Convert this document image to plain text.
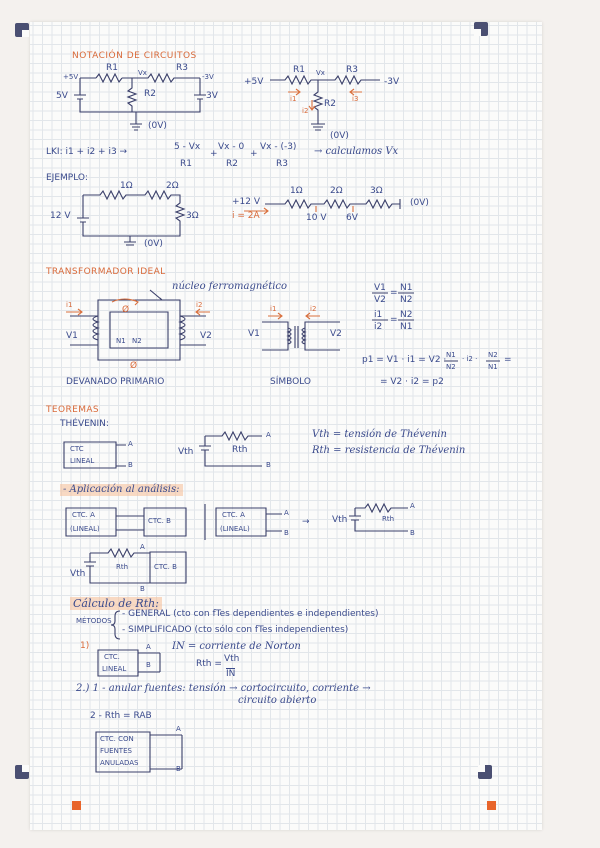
NOTACIÓN DE CIRCUITOS
5V	3V
R1	R3
R2
Vx
+5V	-3V
(0V)
+5V	-3V
R1	R3
Vx
R2
i1	i3
i2
(0V)
LKI: i1 + i2 + i3 →	5 - Vx
R1
+
Vx - 0
R2
+
Vx - (-3)
R3
→ calculamos Vx
EJEMPLO:
1Ω	2Ω
3Ω
12 V
(0V)
+12 V
i = 2A	10 V 6V
(0V)
1Ω	2Ω	3Ω
TRANSFORMADOR IDEAL
núcleo ferromagnético
i1	i2
Ø
Ø
V1	V2
N1 N2
DEVANADO PRIMARIO	SÍMBOLO
V1	V2
i1	i2
V1
V2
= N1
N2
i1
i2
= N2
N1
p1 = V1 · i1 = V2 · N1
N2
· i2 · N2
N1
=
= V2 · i2 = p2
TEOREMAS
THÉVENIN:
CTC
LINEAL
A
B
Vth	Rth
A
B
Vth = tensión de Thévenin
Rth = resistencia de Thévenin
- Aplicación al análisis:
CTC. A
(LINEAL)
CTC. B
CTC. A
(LINEAL)
A
B
→ Vth	Rth
A
B
Vth
Rth	CTC. B
A
B
Cálculo de Rth:
MÉTODOS
- GENERAL (cto con fTes dependientes e independientes)
- SIMPLIFICADO (cto sólo con fTes independientes)
1)
CTC.
LINEAL
A
B
IN = corriente de Norton
Rth = Vth
IN
2.) 1 - anular fuentes: tensión → cortocircuito, corriente →
circuito abierto
2 - Rth = RAB
CTC. CON
FUENTES
ANULADAS
A
B
